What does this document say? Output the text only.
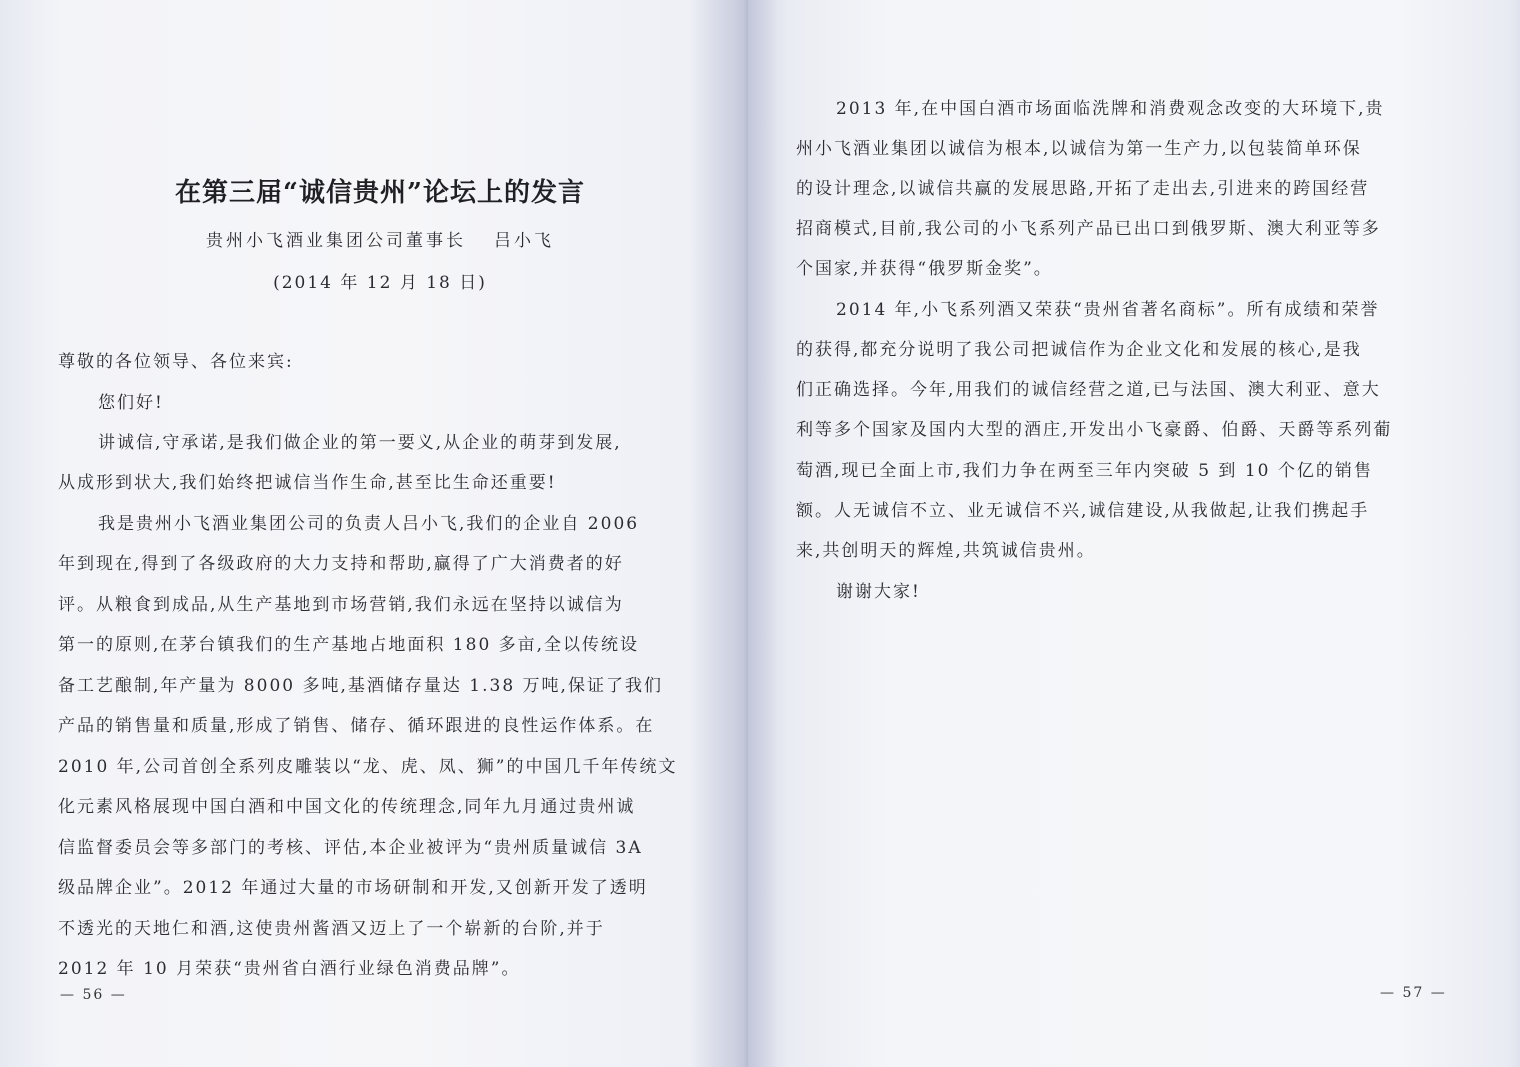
在第三届“诚信贵州”论坛上的发言
贵州小飞酒业集团公司董事长 吕小飞
(2014 年 12 月 18 日)
尊敬的各位领导、各位来宾:
您们好!
讲诚信,守承诺,是我们做企业的第一要义,从企业的萌芽到发展,
从成形到状大,我们始终把诚信当作生命,甚至比生命还重要!
我是贵州小飞酒业集团公司的负责人吕小飞,我们的企业自 2006
年到现在,得到了各级政府的大力支持和帮助,赢得了广大消费者的好
评。从粮食到成品,从生产基地到市场营销,我们永远在坚持以诚信为
第一的原则,在茅台镇我们的生产基地占地面积 180 多亩,全以传统设
备工艺酿制,年产量为 8000 多吨,基酒储存量达 1.38 万吨,保证了我们
产品的销售量和质量,形成了销售、储存、循环跟进的良性运作体系。在
2010 年,公司首创全系列皮雕装以“龙、虎、凤、狮”的中国几千年传统文
化元素风格展现中国白酒和中国文化的传统理念,同年九月通过贵州诚
信监督委员会等多部门的考核、评估,本企业被评为“贵州质量诚信 3A
级品牌企业”。2012 年通过大量的市场研制和开发,又创新开发了透明
不透光的天地仁和酒,这使贵州酱酒又迈上了一个崭新的台阶,并于
2012 年 10 月荣获“贵州省白酒行业绿色消费品牌”。
— 56 —
2013 年,在中国白酒市场面临洗牌和消费观念改变的大环境下,贵
州小飞酒业集团以诚信为根本,以诚信为第一生产力,以包装简单环保
的设计理念,以诚信共赢的发展思路,开拓了走出去,引进来的跨国经营
招商模式,目前,我公司的小飞系列产品已出口到俄罗斯、澳大利亚等多
个国家,并获得“俄罗斯金奖”。
2014 年,小飞系列酒又荣获“贵州省著名商标”。所有成绩和荣誉
的获得,都充分说明了我公司把诚信作为企业文化和发展的核心,是我
们正确选择。今年,用我们的诚信经营之道,已与法国、澳大利亚、意大
利等多个国家及国内大型的酒庄,开发出小飞豪爵、伯爵、天爵等系列葡
萄酒,现已全面上市,我们力争在两至三年内突破 5 到 10 个亿的销售
额。人无诚信不立、业无诚信不兴,诚信建设,从我做起,让我们携起手
来,共创明天的辉煌,共筑诚信贵州。
谢谢大家!
— 57 —
